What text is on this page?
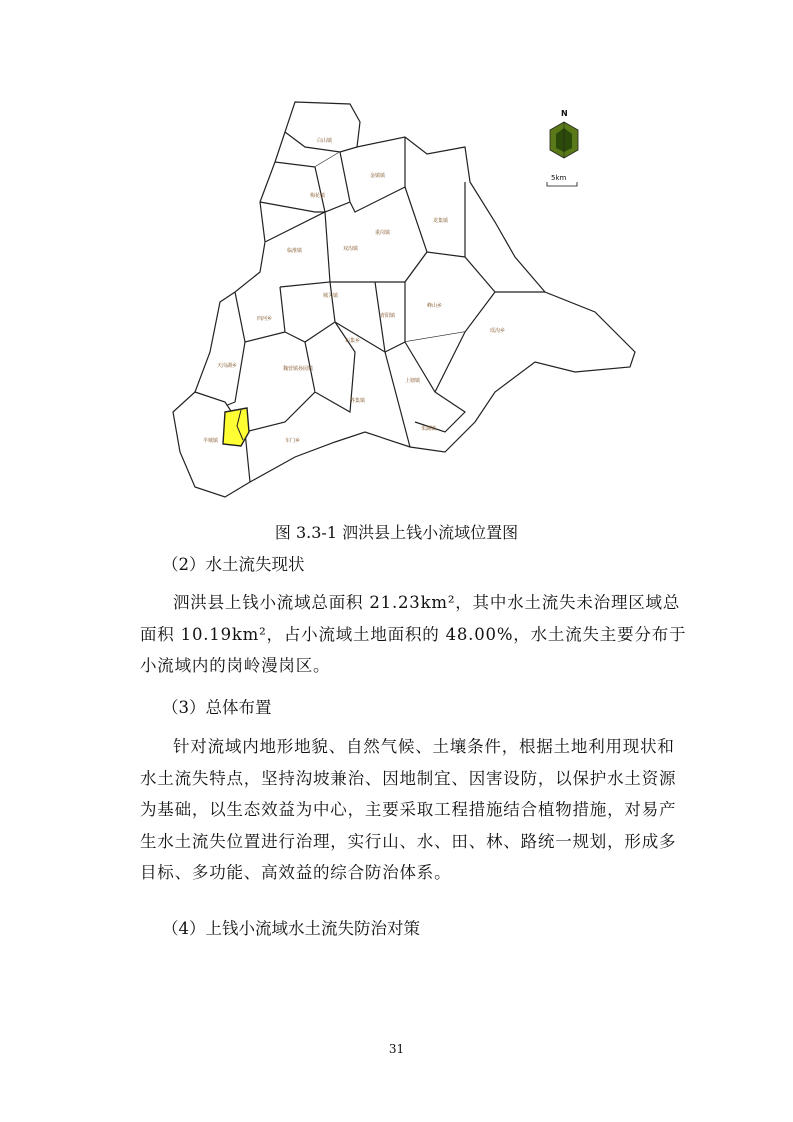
白山镇
金镇镇
梅花镇
龙集镇
重岗镇
临淮镇	双沟镇
城关镇
峰山乡
青阳镇
瑶沟乡
四河乡
石集乡
天岗湖乡	魏营镇 孙园镇
上塘镇
界集镇
朱湖镇
半城镇	车门乡
N
5km
图 3.3-1 泗洪县上钱小流域位置图
（2）水土流失现状
泗洪县上钱小流域总面积 21.23km²，其中水土流失未治理区域总面积 10.19km²，占小流域土地面积的 48.00%，水土流失主要分布于小流域内的岗岭漫岗区。
（3）总体布置
针对流域内地形地貌、自然气候、土壤条件，根据土地利用现状和水土流失特点，坚持沟坡兼治、因地制宜、因害设防，以保护水土资源为基础，以生态效益为中心，主要采取工程措施结合植物措施，对易产生水土流失位置进行治理，实行山、水、田、林、路统一规划，形成多目标、多功能、高效益的综合防治体系。
（4）上钱小流域水土流失防治对策
31
